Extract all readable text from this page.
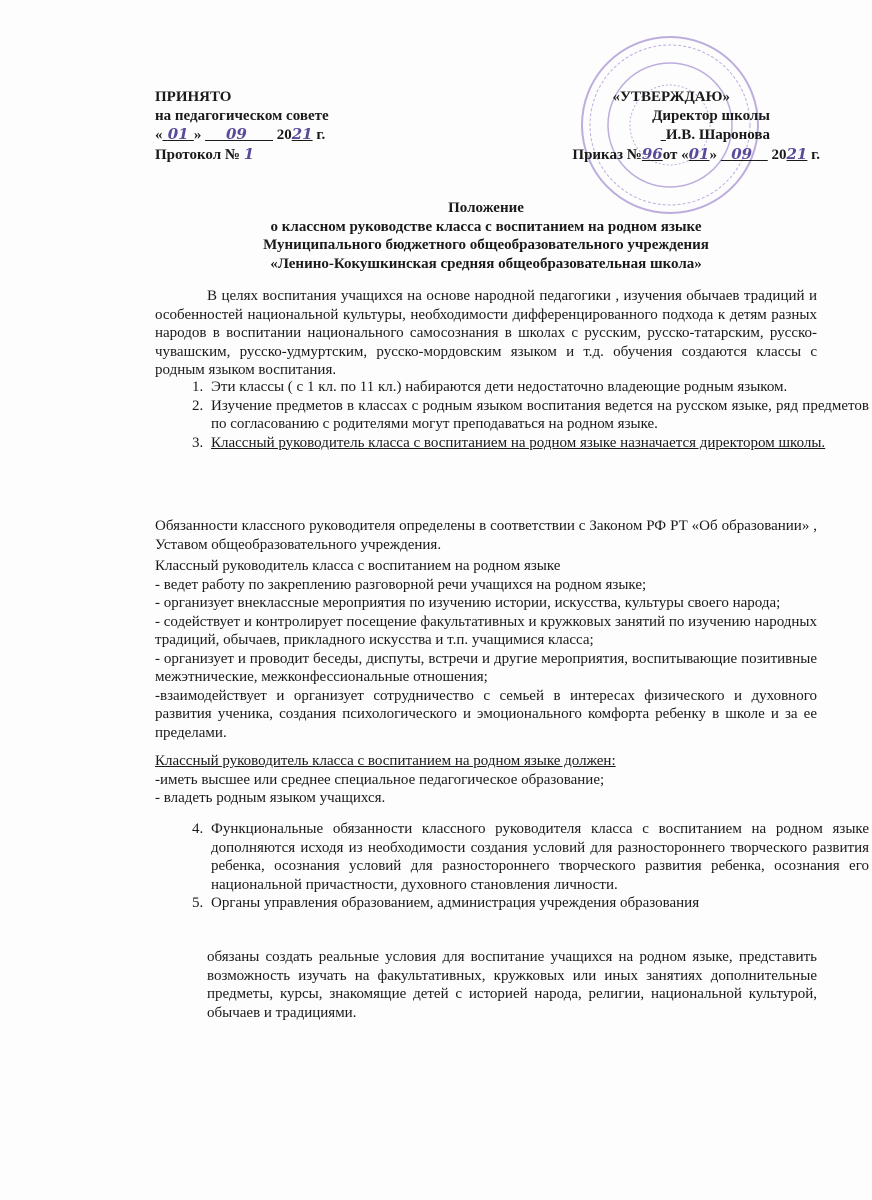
ПРИНЯТО
на педагогическом совете
« 01 »     09 2021 г.
Протокол № 1
«УТВЕРЖДАЮ»
Директор школы
И.В. Шаронова
Приказ №96от «01»   09 2021 г.
Положение
о классном руководстве класса с воспитанием на родном языке
Муниципального бюджетного общеобразовательного учреждения
«Ленино-Кокушкинская средняя общеобразовательная школа»

В целях воспитания учащихся на основе народной педагогики , изучения обычаев традиций и особенностей национальной культуры, необходимости дифференцированного подхода к детям разных народов в воспитании национального самосознания в школах с русским, русско-татарским, русско-чувашским, русско-удмуртским, русско-мордовским языком и т.д. обучения создаются классы с родным языком воспитания.

1. Эти классы ( с 1 кл. по 11 кл.) набираются дети недостаточно владеющие родным языком.
2. Изучение предметов в классах с родным языком воспитания ведется на русском языке, ряд предметов по согласованию с родителями могут преподаваться на родном языке.
3. Классный руководитель класса с воспитанием на родном языке назначается директором школы.

Обязанности классного руководителя определены в соответствии с Законом РФ РТ «Об образовании» , Уставом общеобразовательного учреждения.

Классный руководитель класса с воспитанием на родном языке
- ведет работу по закреплению разговорной речи учащихся на родном языке;
- организует внеклассные мероприятия по изучению истории, искусства, культуры своего народа;
- содействует и контролирует посещение факультативных и кружковых занятий по изучению народных традиций, обычаев, прикладного искусства и т.п. учащимися класса;
- организует и проводит беседы, диспуты, встречи и другие мероприятия, воспитывающие позитивные межэтнические, межконфессиональные отношения;
-взаимодействует и организует сотрудничество с семьей в интересах физического и духовного развития ученика, создания психологического и эмоционального комфорта ребенку в школе и за ее пределами.
Классный руководитель класса с воспитанием на родном языке должен:
-иметь высшее или среднее специальное педагогическое образование;
- владеть родным языком учащихся.
4. Функциональные обязанности классного руководителя класса с воспитанием на родном языке дополняются исходя из необходимости создания условий для разностороннего творческого развития ребенка, осознания условий для разностороннего творческого развития ребенка, осознания его национальной причастности, духовного становления личности.
5. Органы управления образованием, администрация учреждения образования

обязаны создать реальные условия для воспитание учащихся на родном языке, представить возможность изучать на факультативных, кружковых или иных занятиях дополнительные предметы, курсы, знакомящие детей с историей народа, религии, национальной культурой, обычаев и традициями.
